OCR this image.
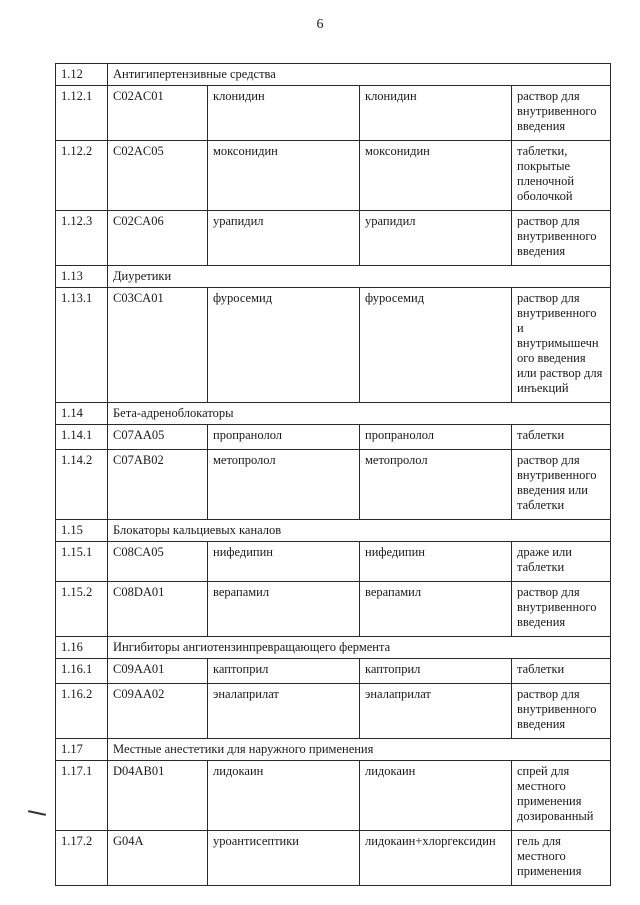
6
1.12	Антигипертензивные средства			
1.12.1	C02AC01	клонидин	клонидин	раствор для внутривенного введения
1.12.2	C02AC05	моксонидин	моксонидин	таблетки, покрытые пленочной оболочкой
1.12.3	C02CA06	урапидил	урапидил	раствор для внутривенного введения
1.13	Диуретики			
1.13.1	C03CA01	фуросемид	фуросемид	раствор для внутривенного и внутримышечн ого введения или раствор для инъекций
1.14	Бета-адреноблокаторы			
1.14.1	C07AA05	пропранолол	пропранолол	таблетки
1.14.2	C07AB02	метопролол	метопролол	раствор для внутривенного введения или таблетки
1.15	Блокаторы кальциевых каналов			
1.15.1	C08CA05	нифедипин	нифедипин	драже или таблетки
1.15.2	C08DA01	верапамил	верапамил	раствор для внутривенного введения
1.16	Ингибиторы ангиотензинпревращающего фермента			
1.16.1	C09AA01	каптоприл	каптоприл	таблетки
1.16.2	C09AA02	эналаприлат	эналаприлат	раствор для внутривенного введения
1.17	Местные анестетики для наружного применения			
1.17.1	D04AB01	лидокаин	лидокаин	спрей для местного применения дозированный
1.17.2	G04A	уроантисептики	лидокаин+хлоргексидин	гель для местного применения
